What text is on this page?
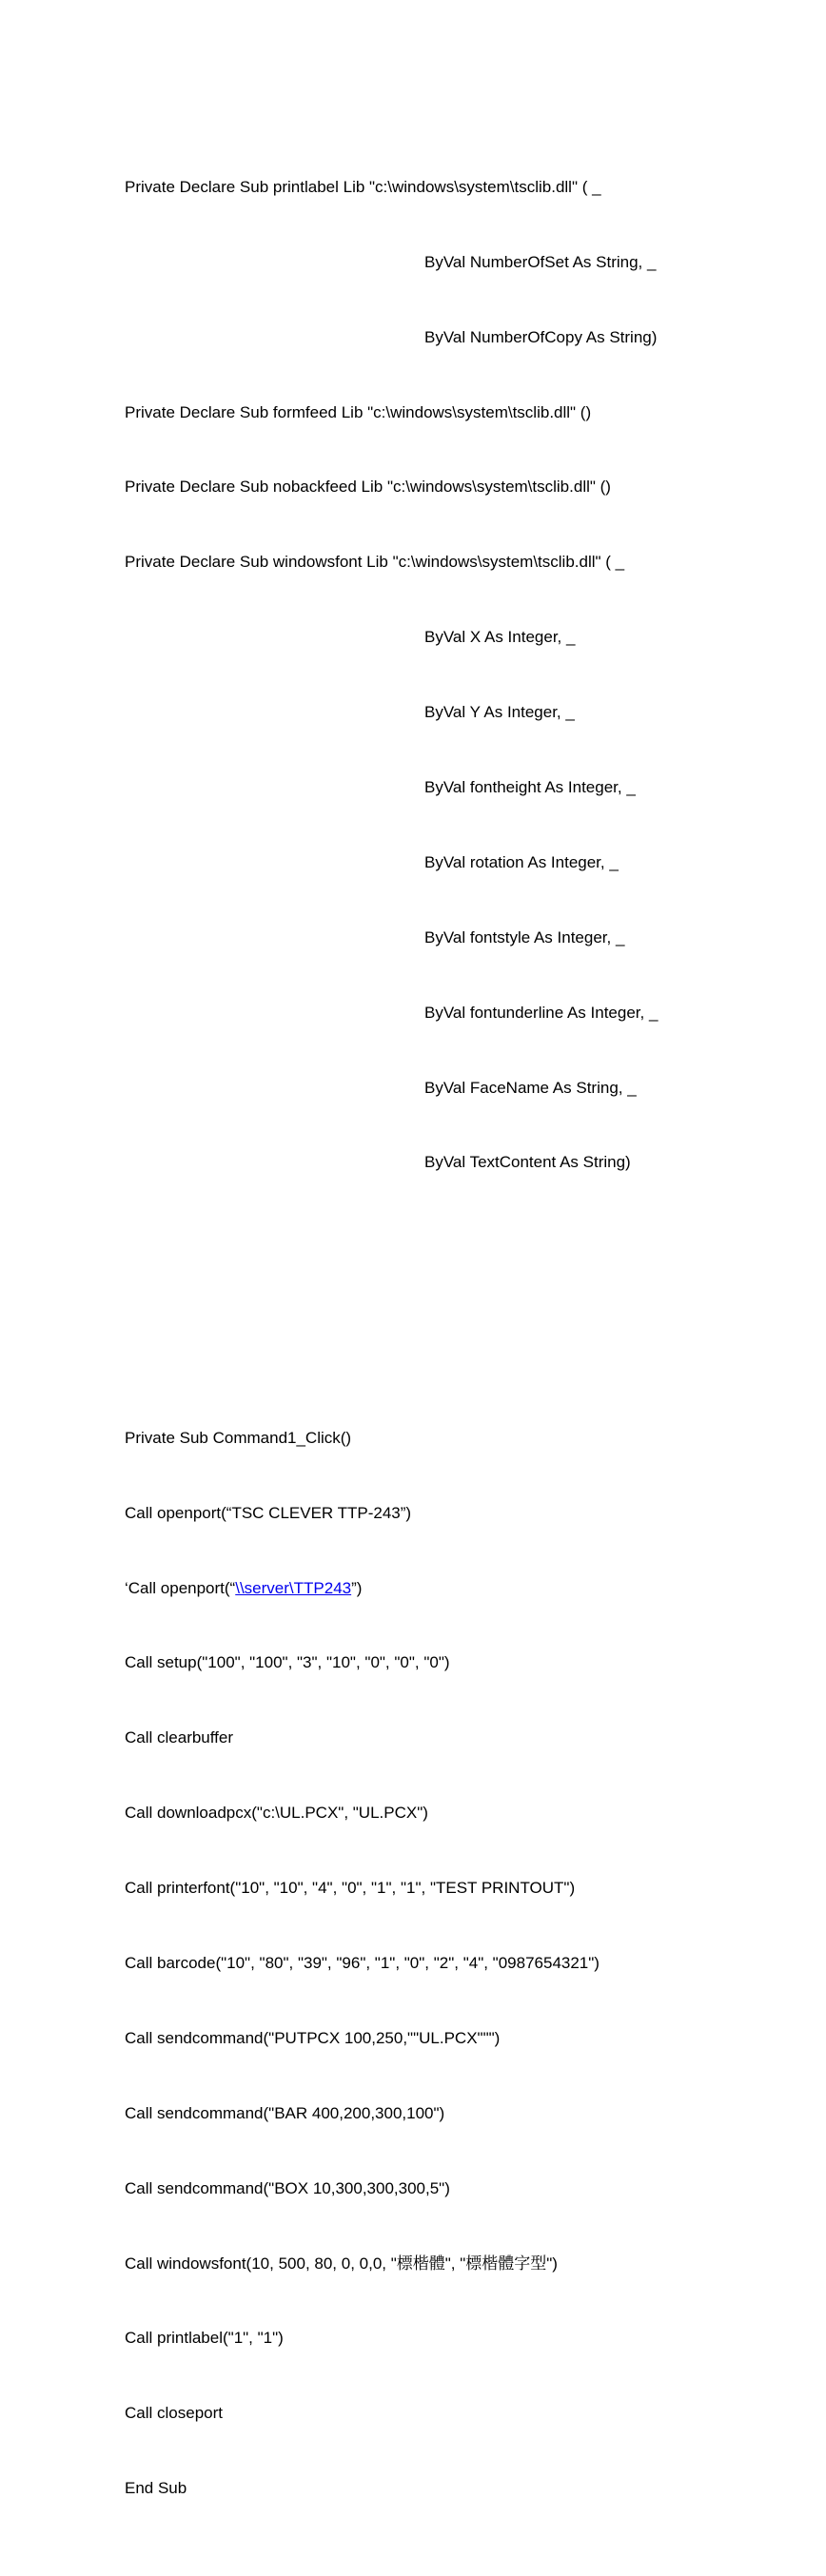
Private Declare Sub printlabel Lib "c:\windows\system\tsclib.dll" ( _

ByVal NumberOfSet As String, _

ByVal NumberOfCopy As String)

Private Declare Sub formfeed Lib "c:\windows\system\tsclib.dll" ()

Private Declare Sub nobackfeed Lib "c:\windows\system\tsclib.dll" ()

Private Declare Sub windowsfont Lib "c:\windows\system\tsclib.dll" ( _

ByVal X As Integer, _

ByVal Y As Integer, _

ByVal fontheight As Integer, _

ByVal rotation As Integer, _

ByVal fontstyle As Integer, _

ByVal fontunderline As Integer, _

ByVal FaceName As String, _

ByVal TextContent As String)

Private Sub Command1_Click()

Call openport(“TSC CLEVER TTP-243”)

‘Call openport(“\\server\TTP243”)

Call setup("100", "100", "3", "10", "0", "0", "0")

Call clearbuffer

Call downloadpcx("c:\UL.PCX", "UL.PCX")

Call printerfont("10", "10", "4", "0", "1", "1", "TEST PRINTOUT")

Call barcode("10", "80", "39", "96", "1", "0", "2", "4", "0987654321")

Call sendcommand("PUTPCX 100,250,""UL.PCX""")

Call sendcommand("BAR 400,200,300,100")

Call sendcommand("BOX 10,300,300,300,5")

Call windowsfont(10, 500, 80, 0, 0,0, "標楷體", "標楷體字型")

Call printlabel("1", "1")

Call closeport

End Sub
